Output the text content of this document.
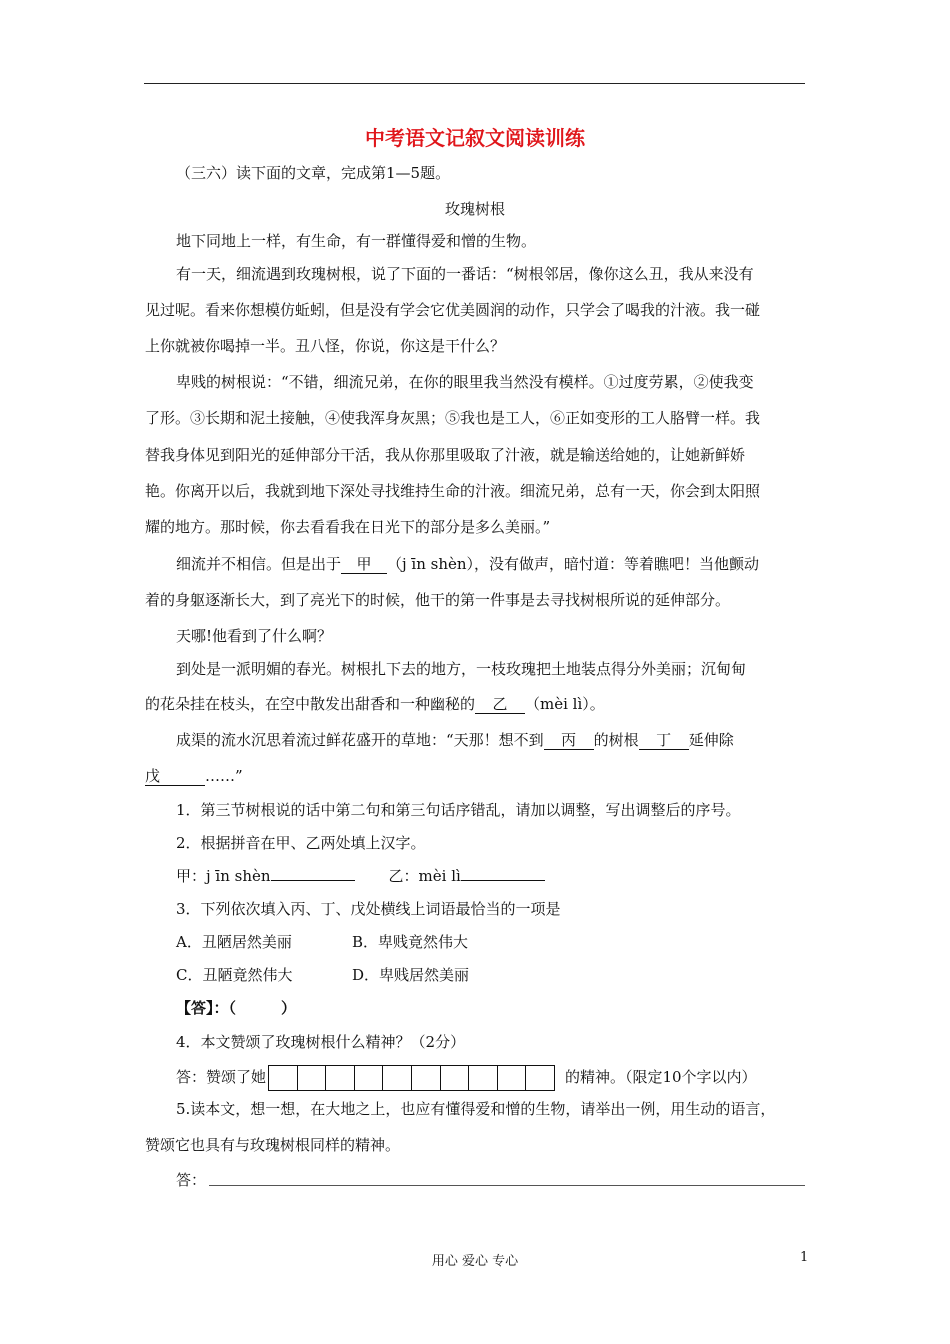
中考语文记叙文阅读训练
（三六）读下面的文章，完成第1—5题。
玫瑰树根
地下同地上一样，有生命，有一群懂得爱和憎的生物。
有一天，细流遇到玫瑰树根，说了下面的一番话：“树根邻居，像你这么丑，我从来没有
见过呢。看来你想模仿蚯蚓，但是没有学会它优美圆润的动作，只学会了喝我的汁液。我一碰
上你就被你喝掉一半。丑八怪，你说，你这是干什么？
卑贱的树根说：“不错，细流兄弟，在你的眼里我当然没有模样。①过度劳累，②使我变
了形。③长期和泥土接触，④使我浑身灰黑；⑤我也是工人，⑥正如变形的工人胳臂一样。我
替我身体见到阳光的延伸部分干活，我从你那里吸取了汁液，就是输送给她的，让她新鲜娇
艳。你离开以后，我就到地下深处寻找维持生命的汁液。细流兄弟，总有一天，你会到太阳照
耀的地方。那时候，你去看看我在日光下的部分是多么美丽。”
细流并不相信。但是出于 甲 （j īn shèn），没有做声，暗忖道：等着瞧吧！当他颤动
着的身躯逐渐长大，到了亮光下的时候，他干的第一件事是去寻找树根所说的延伸部分。
天哪!他看到了什么啊？
到处是一派明媚的春光。树根扎下去的地方，一枝玫瑰把土地装点得分外美丽；沉甸甸
的花朵挂在枝头，在空中散发出甜香和一种幽秘的 乙 （mèi lì）。
成渠的流水沉思着流过鲜花盛开的草地：“天那！想不到 丙 的树根 丁 延伸除
戊	……”
1．第三节树根说的话中第二句和第三句话序错乱，请加以调整，写出调整后的序号。
2．根据拼音在甲、乙两处填上汉字。
甲：j īn shèn	乙：mèi lì
3．下列依次填入丙、丁、戊处横线上词语最恰当的一项是
A．丑陋居然美丽	B．卑贱竟然伟大
C．丑陋竟然伟大	D．卑贱居然美丽
【答】：（　　　）
4．本文赞颂了玫瑰树根什么精神？（2分）
答：赞颂了她	的精神。（限定10个字以内）
5.读本文，想一想，在大地之上，也应有懂得爱和憎的生物，请举出一例，用生动的语言，
赞颂它也具有与玫瑰树根同样的精神。
答：
用心 爱心 专心	1
